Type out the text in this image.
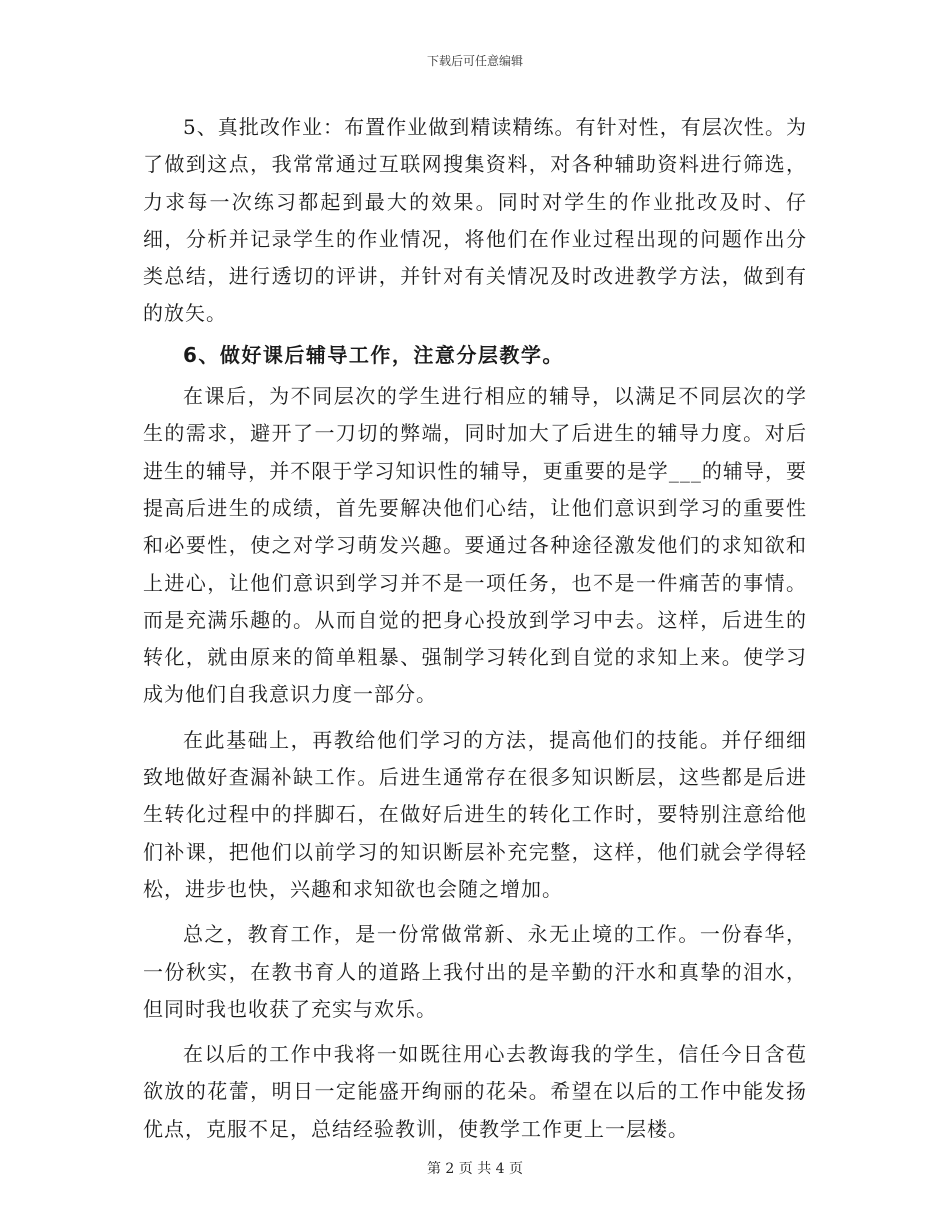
下载后可任意编辑

5、真批改作业：布置作业做到精读精练。有针对性，有层次性。为了做到这点，我常常通过互联网搜集资料，对各种辅助资料进行筛选，力求每一次练习都起到最大的效果。同时对学生的作业批改及时、仔细，分析并记录学生的作业情况，将他们在作业过程出现的问题作出分类总结，进行透切的评讲，并针对有关情况及时改进教学方法，做到有的放矢。

6、做好课后辅导工作，注意分层教学。

在课后，为不同层次的学生进行相应的辅导，以满足不同层次的学生的需求，避开了一刀切的弊端，同时加大了后进生的辅导力度。对后进生的辅导，并不限于学习知识性的辅导，更重要的是学___的辅导，要提高后进生的成绩，首先要解决他们心结，让他们意识到学习的重要性和必要性，使之对学习萌发兴趣。要通过各种途径激发他们的求知欲和上进心，让他们意识到学习并不是一项任务，也不是一件痛苦的事情。而是充满乐趣的。从而自觉的把身心投放到学习中去。这样，后进生的转化，就由原来的简单粗暴、强制学习转化到自觉的求知上来。使学习成为他们自我意识力度一部分。

在此基础上，再教给他们学习的方法，提高他们的技能。并仔细细致地做好查漏补缺工作。后进生通常存在很多知识断层，这些都是后进生转化过程中的拌脚石，在做好后进生的转化工作时，要特别注意给他们补课，把他们以前学习的知识断层补充完整，这样，他们就会学得轻松，进步也快，兴趣和求知欲也会随之增加。

总之，教育工作，是一份常做常新、永无止境的工作。一份春华，一份秋实，在教书育人的道路上我付出的是辛勤的汗水和真挚的泪水，但同时我也收获了充实与欢乐。

在以后的工作中我将一如既往用心去教诲我的学生，信任今日含苞欲放的花蕾，明日一定能盛开绚丽的花朵。希望在以后的工作中能发扬优点，克服不足，总结经验教训，使教学工作更上一层楼。

第 2 页 共 4 页
